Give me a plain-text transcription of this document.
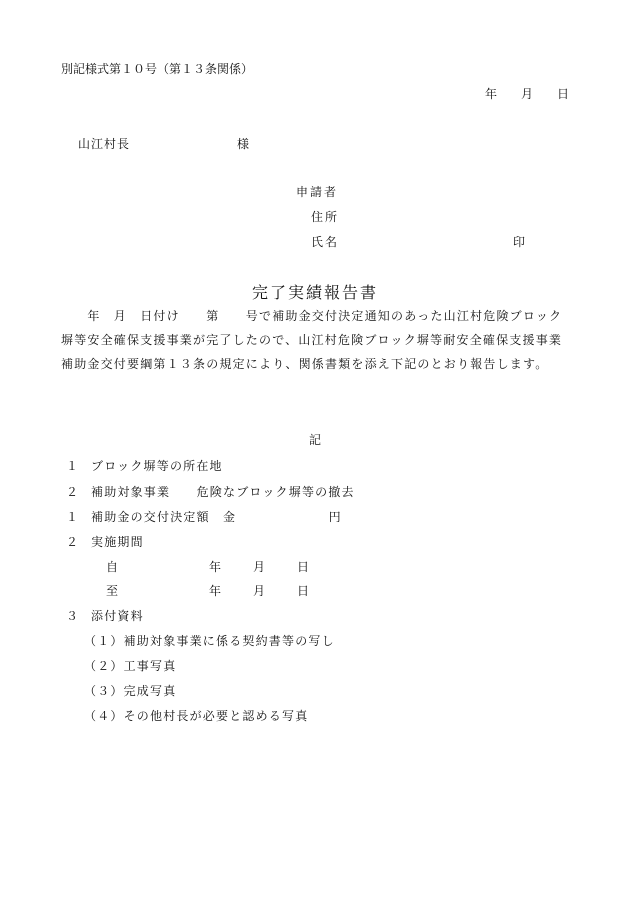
別記様式第１０号（第１３条関係）
年　　月　　日
山江村長	様
申請者
住所
氏名	印
完了実績報告書
　　年　月　日付け　　第　　号で補助金交付決定通知のあった山江村危険ブロック塀等安全確保支援事業が完了したので、山江村危険ブロック塀等耐安全確保支援事業補助金交付要綱第１３条の規定により、関係書類を添え下記のとおり報告します。
記
１ ブロック塀等の所在地
２ 補助対象事業　　危険なブロック塀等の撤去
１ 補助金の交付決定額　金　　　　　　　円
２ 実施期間
自	年	月	日
至	年	月	日
３ 添付資料
（１）補助対象事業に係る契約書等の写し
（２）工事写真
（３）完成写真
（４）その他村長が必要と認める写真
